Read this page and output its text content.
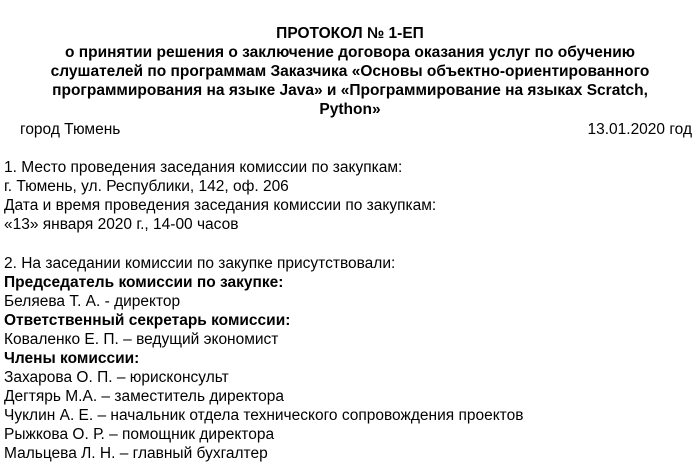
ПРОТОКОЛ № 1-ЕП
о принятии решения о заключение договора оказания услуг по обучению
слушателей по программам Заказчика «Основы объектно-ориентированного
программирования на языке Java» и «Программирование на языках Scratch,
Python»
город Тюмень	13.01.2020 год
1. Место проведения заседания комиссии по закупкам:
г. Тюмень, ул. Республики, 142, оф. 206
Дата и время проведения заседания комиссии по закупкам:
«13» января 2020 г., 14-00 часов
2. На заседании комиссии по закупке присутствовали:
Председатель комиссии по закупке:
Беляева Т. А. - директор
Ответственный секретарь комиссии:
Коваленко Е. П. – ведущий экономист
Члены комиссии:
Захарова О. П. – юрисконсульт
Дегтярь М.А. – заместитель директора
Чуклин А. Е. – начальник отдела технического сопровождения проектов
Рыжкова О. Р. – помощник директора
Мальцева Л. Н. – главный бухгалтер
